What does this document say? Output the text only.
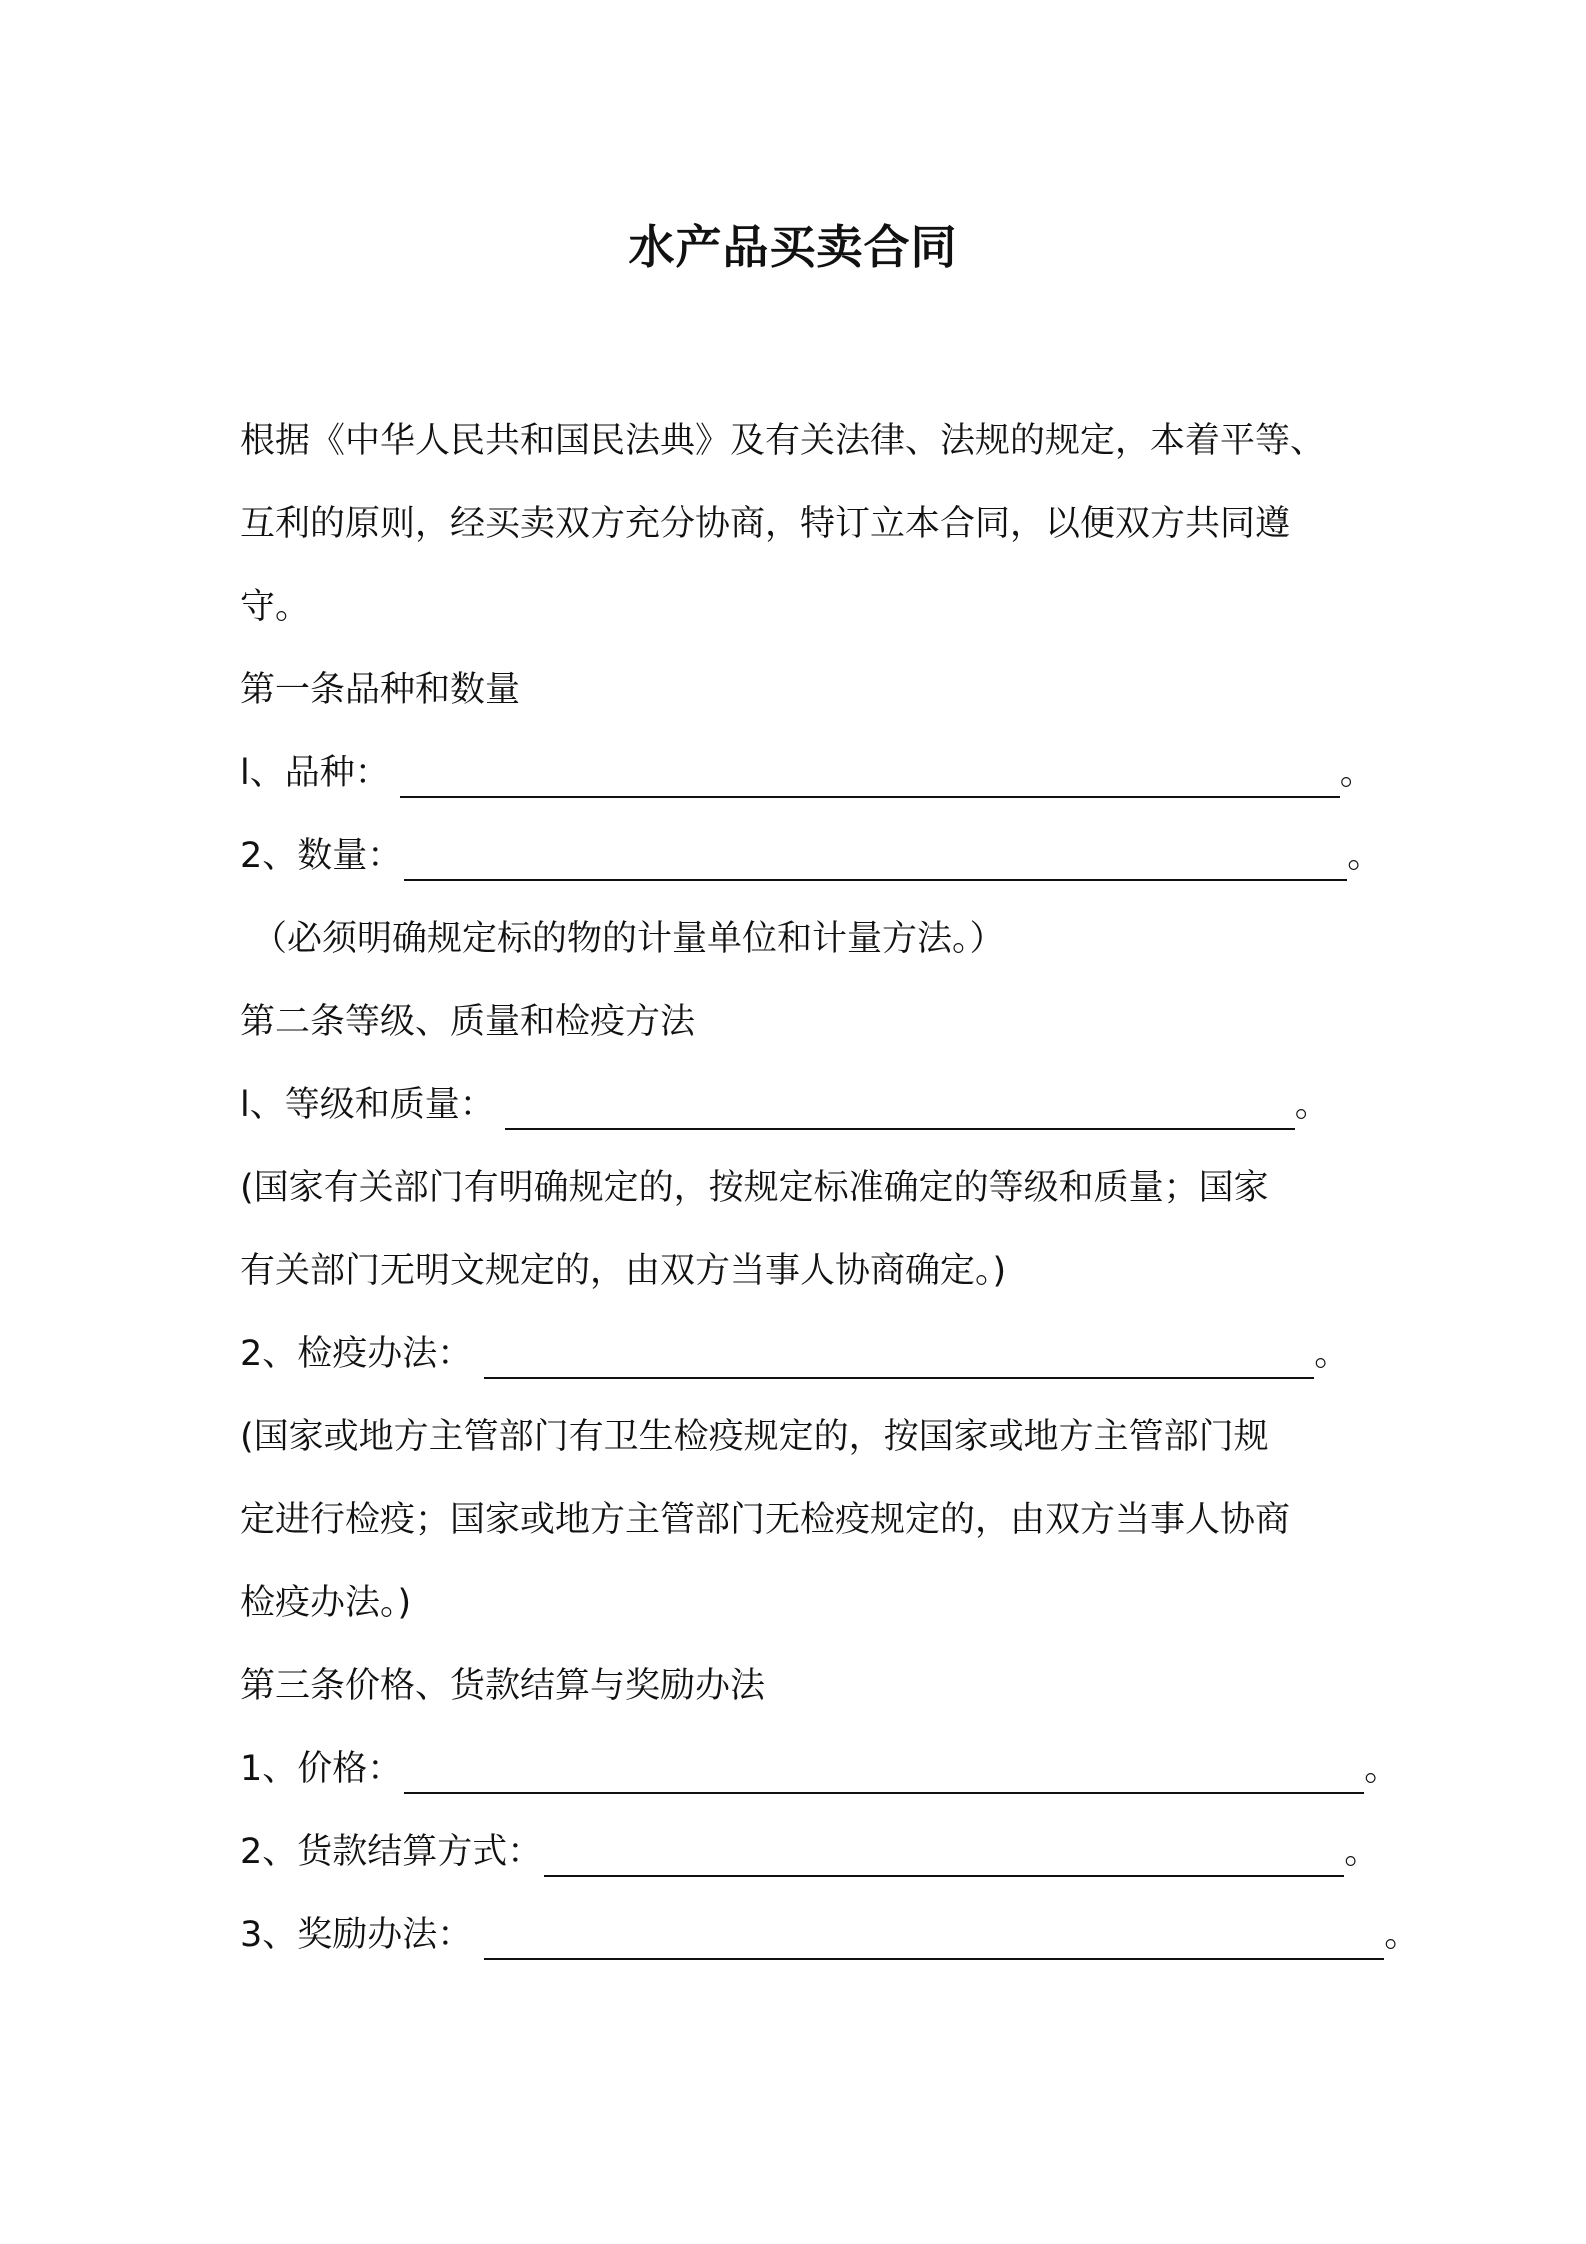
水产品买卖合同
根据《中华人民共和国民法典》及有关法律、法规的规定，本着平等、
互利的原则，经买卖双方充分协商，特订立本合同，以便双方共同遵
守。
第一条品种和数量
l、品种：	。
2、数量：	。
（必须明确规定标的物的计量单位和计量方法。）
第二条等级、质量和检疫方法
l、等级和质量：	。
(国家有关部门有明确规定的，按规定标准确定的等级和质量；国家
有关部门无明文规定的，由双方当事人协商确定。)
2、检疫办法：	。
(国家或地方主管部门有卫生检疫规定的，按国家或地方主管部门规
定进行检疫；国家或地方主管部门无检疫规定的，由双方当事人协商
检疫办法。)
第三条价格、货款结算与奖励办法
1、价格：	。
2、货款结算方式：	。
3、奖励办法：	。
